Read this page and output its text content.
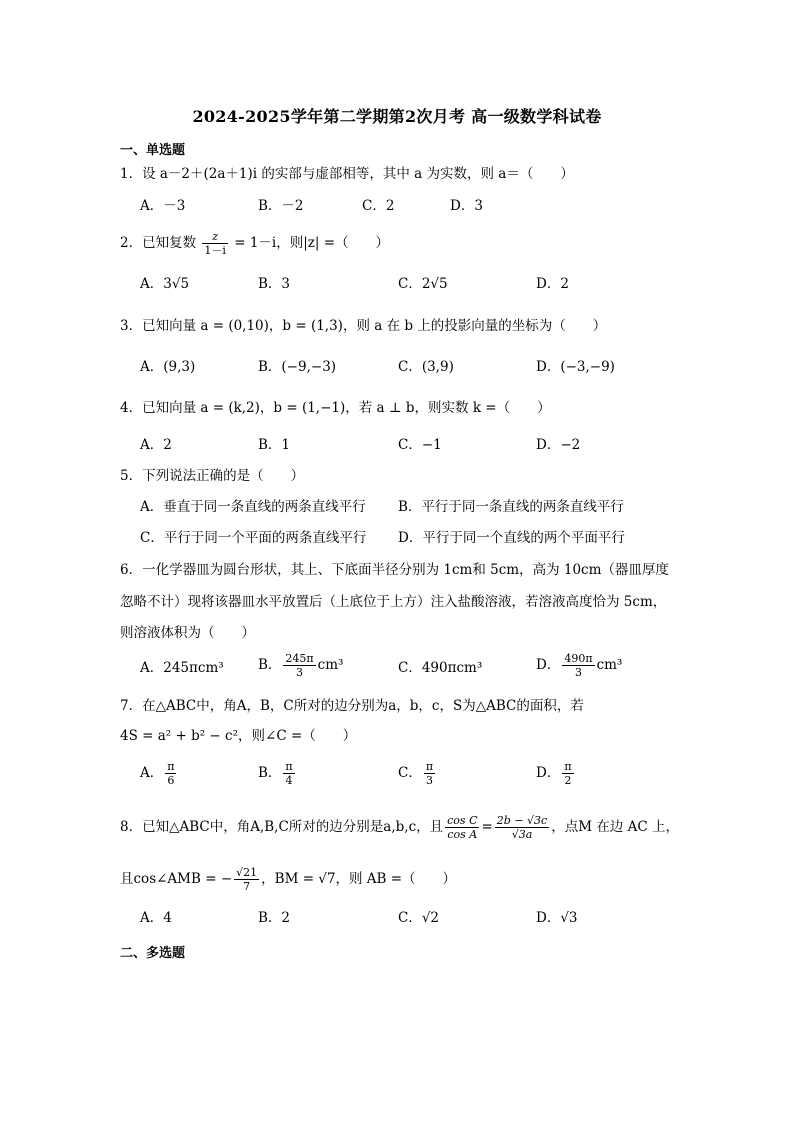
2024-2025学年第二学期第2次月考 高一级数学科试卷
一、单选题
1．设 a－2＋(2a＋1)i 的实部与虚部相等，其中 a 为实数，则 a＝（　　）
A．－3	B．－2	C．2	D．3
2．已知复数 $\frac{z}{1-i} = 1-i$，则|z| =（　　）
A．3√5	B．3	C．2√5	D．2
3．已知向量 a = (0,10)，b = (1,3)，则 a 在 b 上的投影向量的坐标为（　　）
A．(9,3)	B．(−9,−3)	C．(3,9)	D．(−3,−9)
4．已知向量 a = (k,2)，b = (1,−1)，若 a ⊥ b，则实数 k =（　　）
A．2	B．1	C．−1	D．−2
5．下列说法正确的是（　　）
A．垂直于同一条直线的两条直线平行 B．平行于同一条直线的两条直线平行
C．平行于同一个平面的两条直线平行 D．平行于同一个直线的两个平面平行
6．一化学器皿为圆台形状，其上、下底面半径分别为 1cm和 5cm，高为 10cm（器皿厚度
忽略不计）现将该器皿水平放置后（上底位于上方）注入盐酸溶液，若溶液高度恰为 5cm，
则溶液体积为（　　）
A．245πcm³	B． $\frac{245\pi}{3} cm^3$	C．490πcm³	D． $\frac{490\pi}{3} cm^3$
7．在△ABC中，角A，B，C所对的边分别为a，b，c，S为△ABC的面积，若
4S = a² + b² − c²，则∠C =（　　）
A． $\frac{\pi}{6}$	B． $\frac{\pi}{4}$	C． $\frac{\pi}{3}$	D． $\frac{\pi}{2}$
8．已知△ABC中，角A,B,C所对的边分别是a,b,c，且 $\frac{\text{cos C}}{\text{cos A}} = \frac{2b - √3c}{√3a}$ ，点M 在边 AC 上，
且cos∠AMB = − $\frac{√21}{7}$ ，BM = √7，则 AB =（　　）
A．4	B．2	C．√2	D．√3
二、多选题
